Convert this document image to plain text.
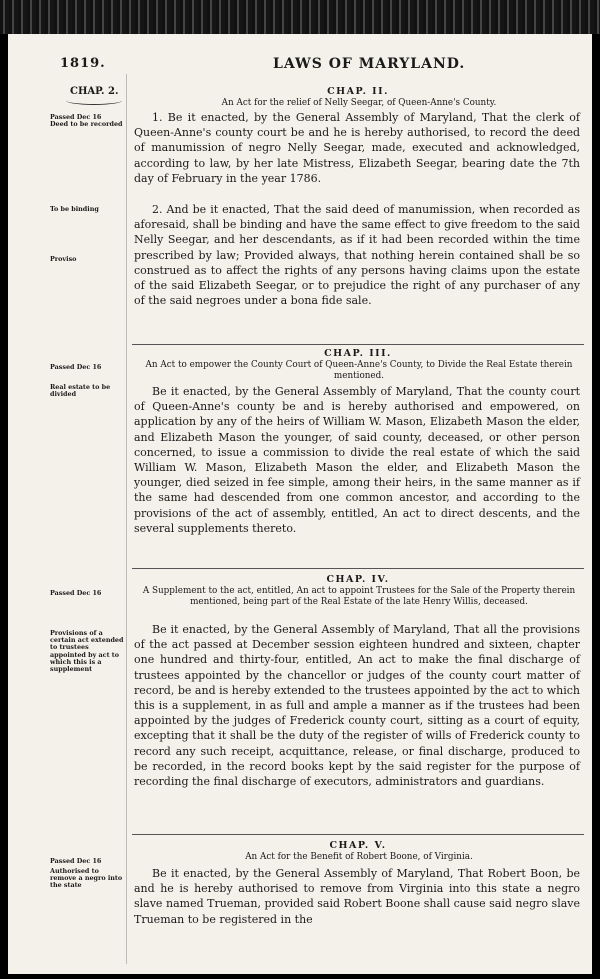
1819.	LAWS OF MARYLAND.
CHAP. 2.
Passed Dec 16
Deed to be recorded
To be binding
Proviso
Passed Dec 16
Real estate to be divided
Passed Dec 16
Provisions of a certain act extended to trustees appointed by act to which this is a supplement
Passed Dec 16
Authorised to remove a negro into the state
CHAP. II.
An Act for the relief of Nelly Seegar, of Queen-Anne's County.
1. Be it enacted, by the General Assembly of Maryland, That the clerk of Queen-Anne's county court be and he is hereby authorised, to record the deed of manumission of negro Nelly Seegar, made, executed and acknowledged, according to law, by her late Mistress, Elizabeth Seegar, bearing date the 7th day of February in the year 1786.
2. And be it enacted, That the said deed of manumission, when recorded as aforesaid, shall be binding and have the same effect to give freedom to the said Nelly Seegar, and her descendants, as if it had been recorded within the time prescribed by law; Provided always, that nothing herein contained shall be so construed as to affect the rights of any persons having claims upon the estate of the said Elizabeth Seegar, or to prejudice the right of any purchaser of any of the said negroes under a bona fide sale.
CHAP. III.
An Act to empower the County Court of Queen-Anne's County, to Divide the Real Estate therein mentioned.
Be it enacted, by the General Assembly of Maryland, That the county court of Queen-Anne's county be and is hereby authorised and empowered, on application by any of the heirs of William W. Mason, Elizabeth Mason the elder, and Elizabeth Mason the younger, of said county, deceased, or other person concerned, to issue a commission to divide the real estate of which the said William W. Mason, Elizabeth Mason the elder, and Elizabeth Mason the younger, died seized in fee simple, among their heirs, in the same manner as if the same had descended from one common ancestor, and according to the provisions of the act of assembly, entitled, An act to direct descents, and the several supplements thereto.
CHAP. IV.
A Supplement to the act, entitled, An act to appoint Trustees for the Sale of the Property therein mentioned, being part of the Real Estate of the late Henry Willis, deceased.
Be it enacted, by the General Assembly of Maryland, That all the provisions of the act passed at December session eighteen hundred and sixteen, chapter one hundred and thirty-four, entitled, An act to make the final discharge of trustees appointed by the chancellor or judges of the county court matter of record, be and is hereby extended to the trustees appointed by the act to which this is a supplement, in as full and ample a manner as if the trustees had been appointed by the judges of Frederick county court, sitting as a court of equity, excepting that it shall be the duty of the register of wills of Frederick county to record any such receipt, acquittance, release, or final discharge, produced to be recorded, in the record books kept by the said register for the purpose of recording the final discharge of executors, administrators and guardians.
CHAP. V.
An Act for the Benefit of Robert Boone, of Virginia.
Be it enacted, by the General Assembly of Maryland, That Robert Boon, be and he is hereby authorised to remove from Virginia into this state a negro slave named Trueman, provided said Robert Boone shall cause said negro slave Trueman to be registered in the
